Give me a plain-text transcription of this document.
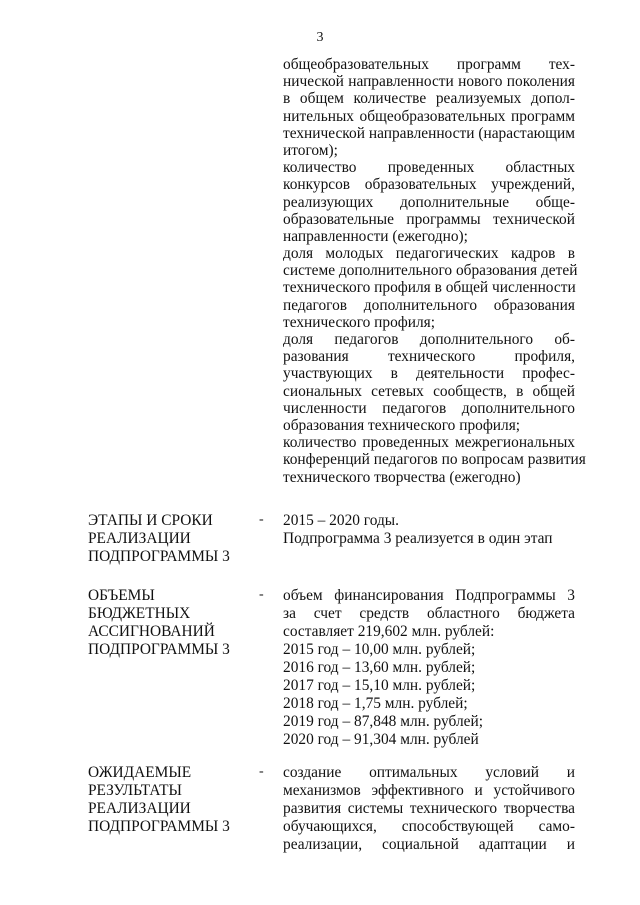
3
общеобразовательных программ тех-
нической направленности нового поколения
в общем количестве реализуемых допол-
нительных общеобразовательных программ
технической направленности (нарастающим
итогом);
количество проведенных областных
конкурсов образовательных учреждений,
реализующих дополнительные обще-
образовательные программы технической
направленности (ежегодно);
доля молодых педагогических кадров в
системе дополнительного образования детей
технического профиля в общей численности
педагогов дополнительного образования
технического профиля;
доля педагогов дополнительного об-
разования технического профиля,
участвующих в деятельности профес-
сиональных сетевых сообществ, в общей
численности педагогов дополнительного
образования технического профиля;
количество проведенных межрегиональных
конференций педагогов по вопросам развития
технического творчества (ежегодно)
ЭТАПЫ И СРОКИ
РЕАЛИЗАЦИИ
ПОДПРОГРАММЫ 3
- 2015 – 2020 годы.
Подпрограмма 3 реализуется в один этап
ОБЪЕМЫ
БЮДЖЕТНЫХ
АССИГНОВАНИЙ
ПОДПРОГРАММЫ 3
- объем финансирования Подпрограммы 3
за счет средств областного бюджета
составляет 219,602 млн. рублей:
2015 год – 10,00 млн. рублей;
2016 год – 13,60 млн. рублей;
2017 год – 15,10 млн. рублей;
2018 год – 1,75 млн. рублей;
2019 год – 87,848 млн. рублей;
2020 год – 91,304 млн. рублей
ОЖИДАЕМЫЕ
РЕЗУЛЬТАТЫ
РЕАЛИЗАЦИИ
ПОДПРОГРАММЫ 3
- создание оптимальных условий и
механизмов эффективного и устойчивого
развития системы технического творчества
обучающихся, способствующей само-
реализации, социальной адаптации и
